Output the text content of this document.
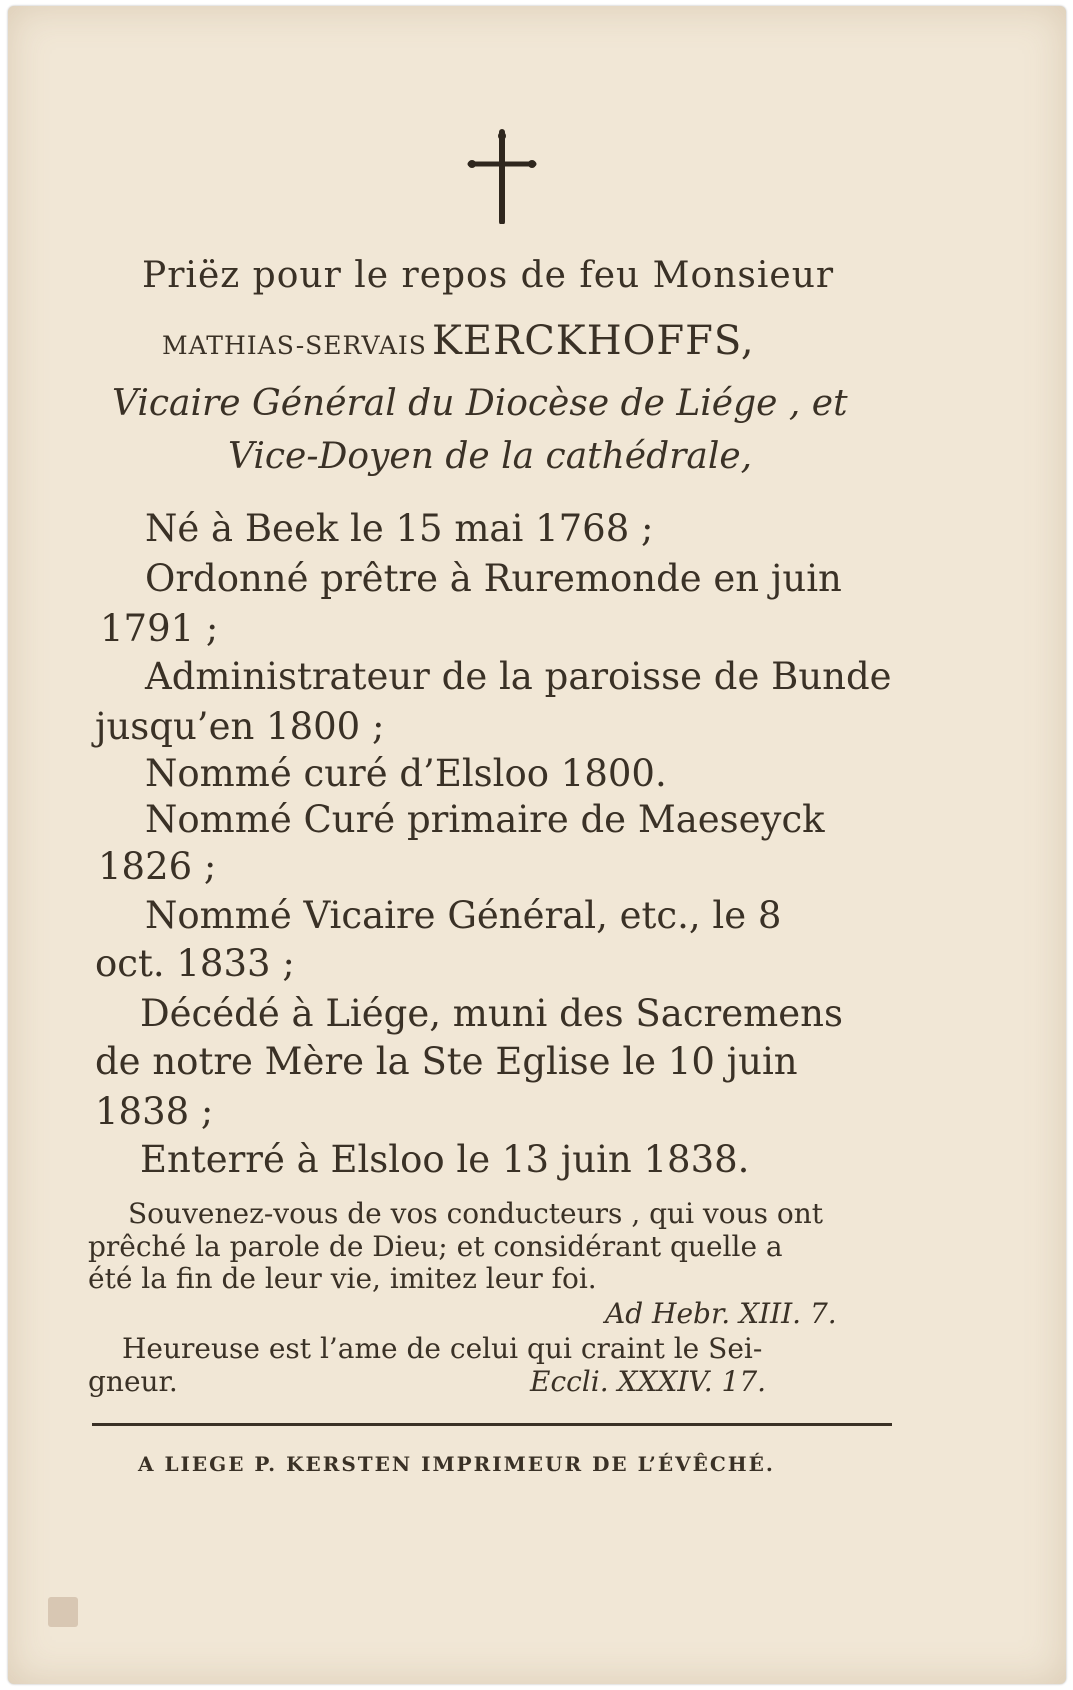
Priëz pour le repos de feu Monsieur
MATHIAS-SERVAIS KERCKHOFFS,
Vicaire Général du Diocèse de Liége , et
Vice-Doyen de la cathédrale,
Né à Beek le 15 mai 1768 ;
Ordonné prêtre à Ruremonde en juin
1791 ;
Administrateur de la paroisse de Bunde
jusqu’en 1800 ;
Nommé curé d’Elsloo 1800.
Nommé Curé primaire de Maeseyck
1826 ;
Nommé Vicaire Général, etc., le 8
oct. 1833 ;
Décédé à Liége, muni des Sacremens
de notre Mère la Ste Eglise le 10 juin
1838 ;
Enterré à Elsloo le 13 juin 1838.
Souvenez-vous de vos conducteurs , qui vous ont
prêché la parole de Dieu; et considérant quelle a
été la fin de leur vie, imitez leur foi.
Ad Hebr. XIII. 7.
Heureuse est l’ame de celui qui craint le Sei-
gneur.	Eccli. XXXIV. 17.
A LIEGE P. KERSTEN IMPRIMEUR DE L’ÉVÊCHÉ.
